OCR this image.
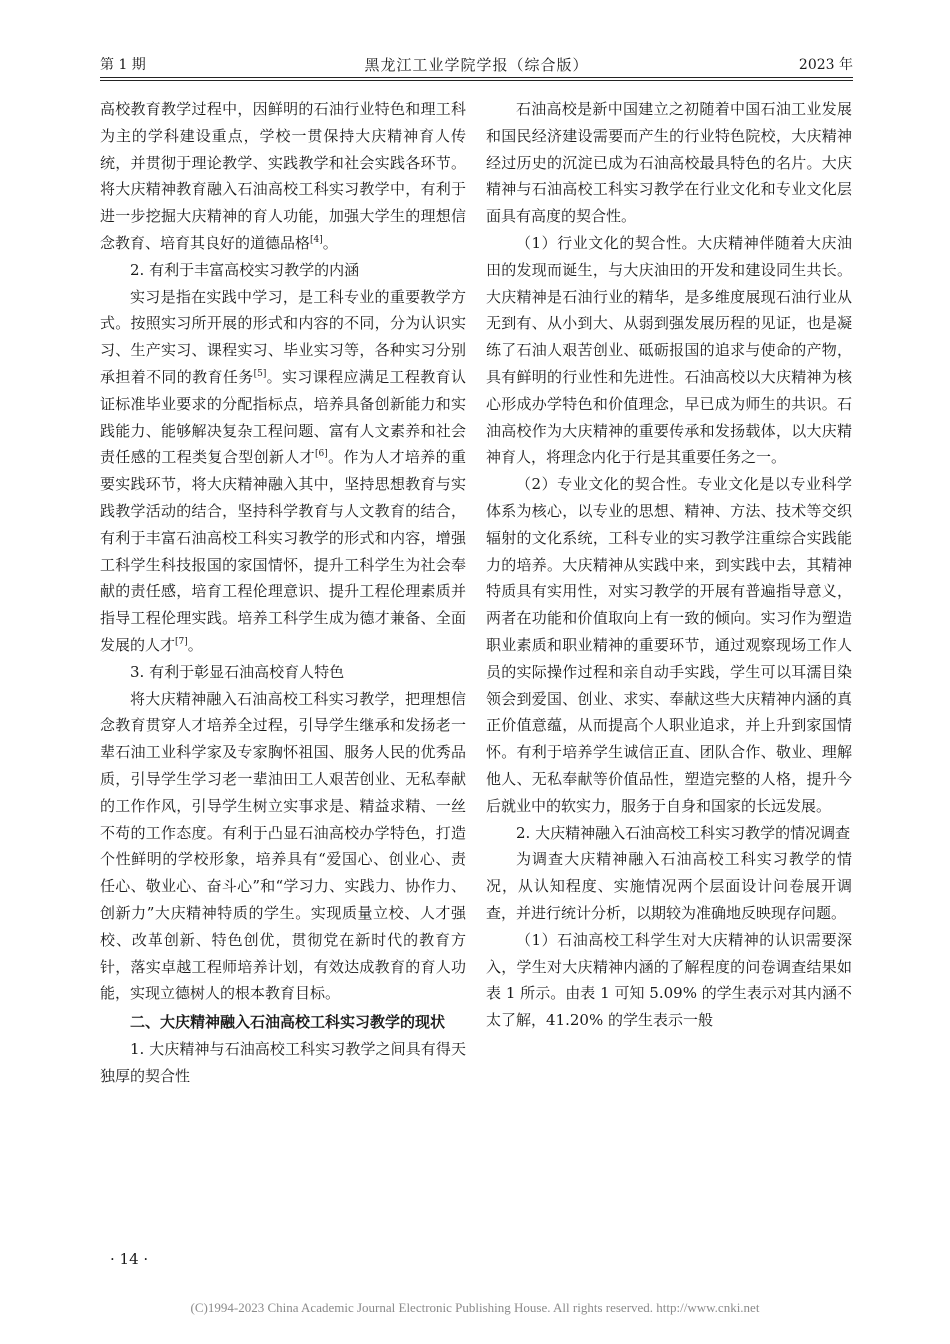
第 1 期	黑龙江工业学院学报（综合版）	2023 年

高校教育教学过程中，因鲜明的石油行业特色和理工科为主的学科建设重点，学校一贯保持大庆精神育人传统，并贯彻于理论教学、实践教学和社会实践各环节。将大庆精神教育融入石油高校工科实习教学中，有利于进一步挖掘大庆精神的育人功能，加强大学生的理想信念教育、培育其良好的道德品格[4]。

2. 有利于丰富高校实习教学的内涵

实习是指在实践中学习，是工科专业的重要教学方式。按照实习所开展的形式和内容的不同，分为认识实习、生产实习、课程实习、毕业实习等，各种实习分别承担着不同的教育任务[5]。实习课程应满足工程教育认证标准毕业要求的分配指标点，培养具备创新能力和实践能力、能够解决复杂工程问题、富有人文素养和社会责任感的工程类复合型创新人才[6]。作为人才培养的重要实践环节，将大庆精神融入其中，坚持思想教育与实践教学活动的结合，坚持科学教育与人文教育的结合，有利于丰富石油高校工科实习教学的形式和内容，增强工科学生科技报国的家国情怀，提升工科学生为社会奉献的责任感，培育工程伦理意识、提升工程伦理素质并指导工程伦理实践。培养工科学生成为德才兼备、全面发展的人才[7]。

3. 有利于彰显石油高校育人特色

将大庆精神融入石油高校工科实习教学，把理想信念教育贯穿人才培养全过程，引导学生继承和发扬老一辈石油工业科学家及专家胸怀祖国、服务人民的优秀品质，引导学生学习老一辈油田工人艰苦创业、无私奉献的工作作风，引导学生树立实事求是、精益求精、一丝不苟的工作态度。有利于凸显石油高校办学特色，打造个性鲜明的学校形象，培养具有“爱国心、创业心、责任心、敬业心、奋斗心”和“学习力、实践力、协作力、创新力”大庆精神特质的学生。实现质量立校、人才强校、改革创新、特色创优，贯彻党在新时代的教育方针，落实卓越工程师培养计划，有效达成教育的育人功能，实现立德树人的根本教育目标。

二、大庆精神融入石油高校工科实习教学的现状

1. 大庆精神与石油高校工科实习教学之间具有得天独厚的契合性

石油高校是新中国建立之初随着中国石油工业发展和国民经济建设需要而产生的行业特色院校，大庆精神经过历史的沉淀已成为石油高校最具特色的名片。大庆精神与石油高校工科实习教学在行业文化和专业文化层面具有高度的契合性。

（1）行业文化的契合性。大庆精神伴随着大庆油田的发现而诞生，与大庆油田的开发和建设同生共长。大庆精神是石油行业的精华，是多维度展现石油行业从无到有、从小到大、从弱到强发展历程的见证，也是凝练了石油人艰苦创业、砥砺报国的追求与使命的产物，具有鲜明的行业性和先进性。石油高校以大庆精神为核心形成办学特色和价值理念，早已成为师生的共识。石油高校作为大庆精神的重要传承和发扬载体，以大庆精神育人，将理念内化于行是其重要任务之一。

（2）专业文化的契合性。专业文化是以专业科学体系为核心，以专业的思想、精神、方法、技术等交织辐射的文化系统，工科专业的实习教学注重综合实践能力的培养。大庆精神从实践中来，到实践中去，其精神特质具有实用性，对实习教学的开展有普遍指导意义，两者在功能和价值取向上有一致的倾向。实习作为塑造职业素质和职业精神的重要环节，通过观察现场工作人员的实际操作过程和亲自动手实践，学生可以耳濡目染领会到爱国、创业、求实、奉献这些大庆精神内涵的真正价值意蕴，从而提高个人职业追求，并上升到家国情怀。有利于培养学生诚信正直、团队合作、敬业、理解他人、无私奉献等价值品性，塑造完整的人格，提升今后就业中的软实力，服务于自身和国家的长远发展。

2. 大庆精神融入石油高校工科实习教学的情况调查

为调查大庆精神融入石油高校工科实习教学的情况，从认知程度、实施情况两个层面设计问卷展开调查，并进行统计分析，以期较为准确地反映现存问题。

（1）石油高校工科学生对大庆精神的认识需要深入，学生对大庆精神内涵的了解程度的问卷调查结果如表 1 所示。由表 1 可知 5.09% 的学生表示对其内涵不太了解，41.20% 的学生表示一般

· 14 ·
(C)1994-2023 China Academic Journal Electronic Publishing House. All rights reserved. http://www.cnki.net
